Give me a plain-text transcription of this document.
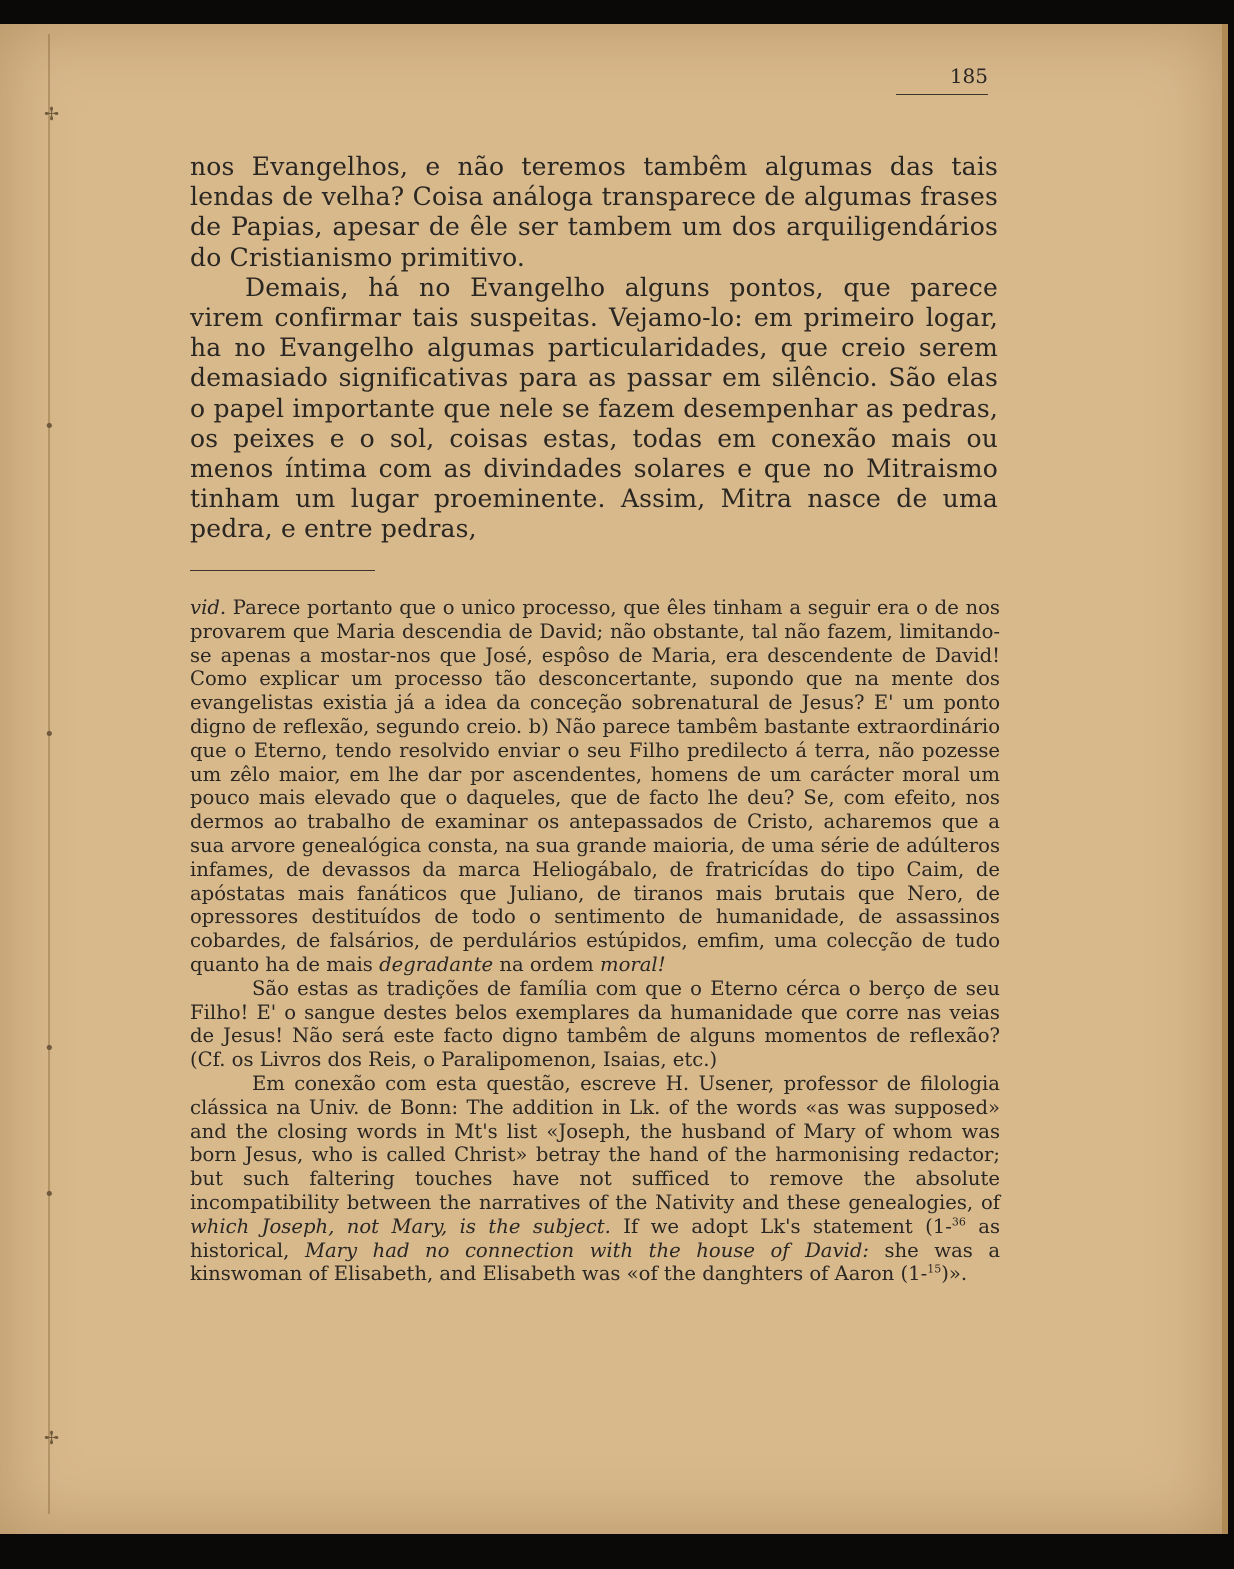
✢
•
•
•
•
✢
185

nos Evangelhos, e não teremos tambêm algumas das tais lendas de velha? Coisa análoga transparece de algumas frases de Papias, apesar de êle ser tambem um dos arquiligendários do Cristianismo primitivo.

Demais, há no Evangelho alguns pontos, que parece virem confirmar tais suspeitas. Vejamo-lo: em primeiro logar, ha no Evangelho algumas particularidades, que creio serem demasiado significativas para as passar em silêncio. São elas o papel importante que nele se fazem desempenhar as pedras, os peixes e o sol, coisas estas, todas em conexão mais ou menos íntima com as divindades solares e que no Mitraismo tinham um lugar proeminente. Assim, Mitra nasce de uma pedra, e entre pedras,

vid. Parece portanto que o unico processo, que êles tinham a seguir era o de nos provarem que Maria descendia de David; não obstante, tal não fazem, limitando-se apenas a mostar-nos que José, espôso de Maria, era descendente de David! Como explicar um processo tão desconcertante, supondo que na mente dos evangelistas existia já a idea da conceção sobrenatural de Jesus? E' um ponto digno de reflexão, segundo creio. b) Não parece tambêm bastante extraordinário que o Eterno, tendo resolvido enviar o seu Filho predilecto á terra, não pozesse um zêlo maior, em lhe dar por ascendentes, homens de um carácter moral um pouco mais elevado que o daqueles, que de facto lhe deu? Se, com efeito, nos dermos ao trabalho de examinar os antepassados de Cristo, acharemos que a sua arvore genealógica consta, na sua grande maioria, de uma série de adúlteros infames, de devassos da marca Heliogábalo, de fratricídas do tipo Caim, de apóstatas mais fanáticos que Juliano, de tiranos mais brutais que Nero, de opressores destituídos de todo o sentimento de humanidade, de assassinos cobardes, de falsários, de perdulários estúpidos, emfim, uma colecção de tudo quanto ha de mais degradante na ordem moral!

São estas as tradições de família com que o Eterno cérca o berço de seu Filho! E' o sangue destes belos exemplares da humanidade que corre nas veias de Jesus! Não será este facto digno tambêm de alguns momentos de reflexão? (Cf. os Livros dos Reis, o Paralipomenon, Isaias, etc.)

Em conexão com esta questão, escreve H. Usener, professor de filologia clássica na Univ. de Bonn: The addition in Lk. of the words «as was supposed» and the closing words in Mt's list «Joseph, the husband of Mary of whom was born Jesus, who is called Christ» betray the hand of the harmonising redactor; but such faltering touches have not sufficed to remove the absolute incompatibility between the narratives of the Nativity and these genealogies, of which Joseph, not Mary, is the subject. If we adopt Lk's statement (1-$^{36}$ as historical, Mary had no connection with the house of David: she was a kinswoman of Elisabeth, and Elisabeth was «of the danghters of Aaron (1-$^{15}$)».
